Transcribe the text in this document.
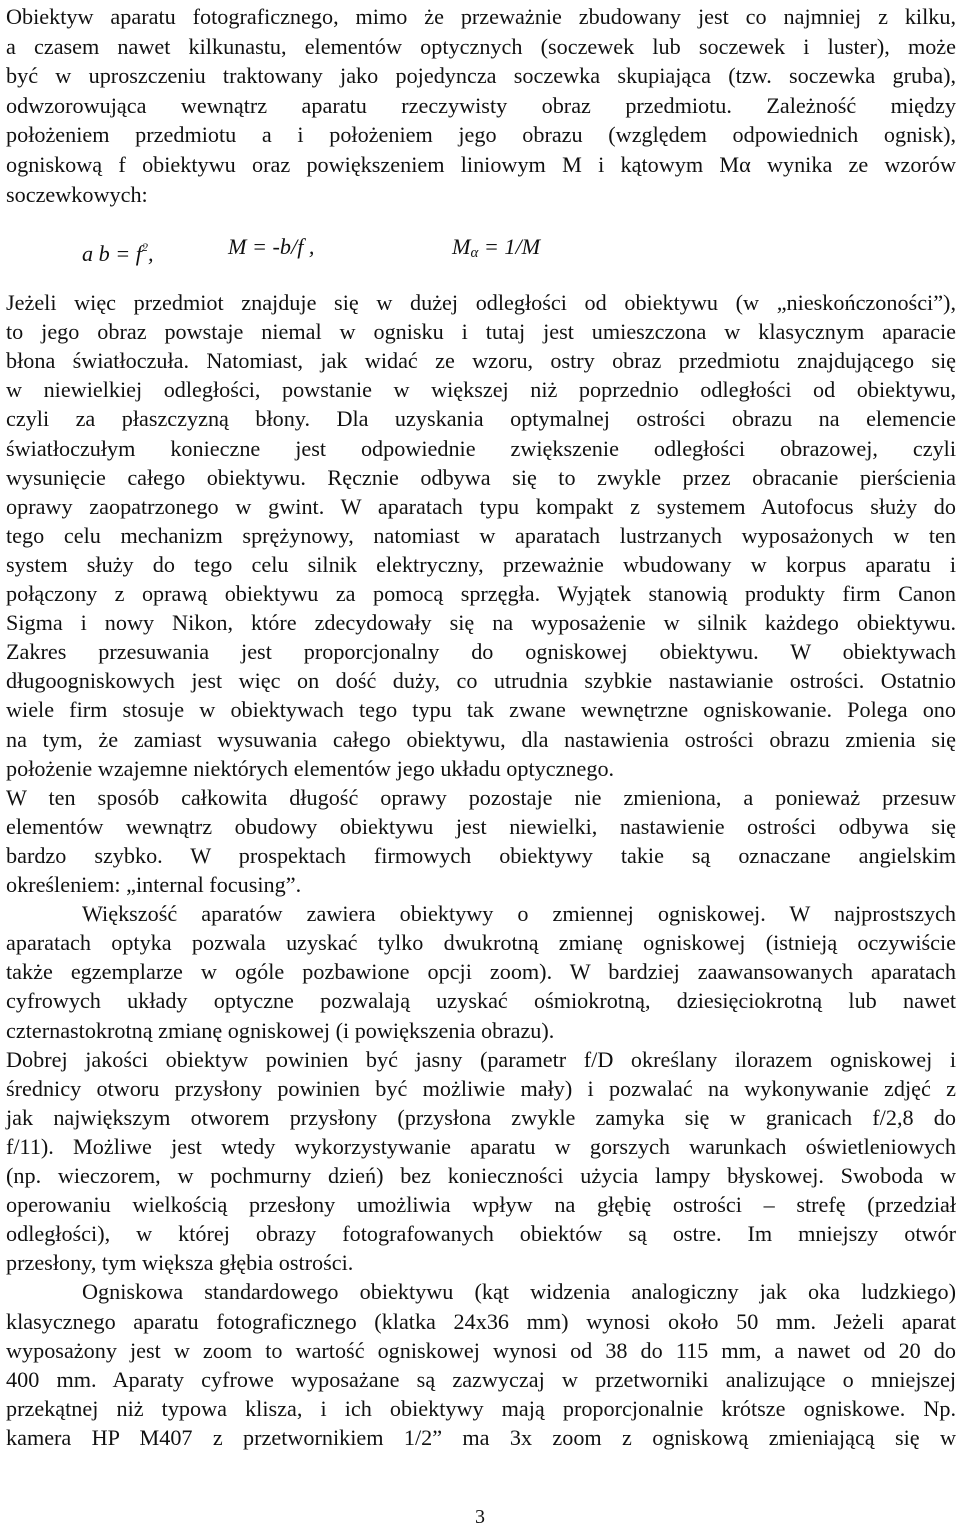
Obiektyw aparatu fotograficznego, mimo że przeważnie zbudowany jest co najmniej z kilku,
a czasem nawet kilkunastu, elementów optycznych (soczewek lub soczewek i luster), może
być w uproszczeniu traktowany jako pojedyncza soczewka skupiająca (tzw. soczewka gruba),
odwzorowująca wewnątrz aparatu rzeczywisty obraz przedmiotu. Zależność między
położeniem przedmiotu a i położeniem jego obrazu (względem odpowiednich ognisk),
ogniskową f obiektywu oraz powiększeniem liniowym M i kątowym Mα wynika ze wzorów
soczewkowych:
a $b = f^2$,	M = -b/f ,	$M_\alpha = 1/M$
Jeżeli więc przedmiot znajduje się w dużej odległości od obiektywu (w „nieskończoności”),
to jego obraz powstaje niemal w ognisku i tutaj jest umieszczona w klasycznym aparacie
błona światłoczuła. Natomiast, jak widać ze wzoru, ostry obraz przedmiotu znajdującego się
w niewielkiej odległości, powstanie w większej niż poprzednio odległości od obiektywu,
czyli za płaszczyzną błony. Dla uzyskania optymalnej ostrości obrazu na elemencie
światłoczułym konieczne jest odpowiednie zwiększenie odległości obrazowej, czyli
wysunięcie całego obiektywu. Ręcznie odbywa się to zwykle przez obracanie pierścienia
oprawy zaopatrzonego w gwint. W aparatach typu kompakt z systemem Autofocus służy do
tego celu mechanizm sprężynowy, natomiast w aparatach lustrzanych wyposażonych w ten
system służy do tego celu silnik elektryczny, przeważnie wbudowany w korpus aparatu i
połączony z oprawą obiektywu za pomocą sprzęgła. Wyjątek stanowią produkty firm Canon
Sigma i nowy Nikon, które zdecydowały się na wyposażenie w silnik każdego obiektywu.
Zakres przesuwania jest proporcjonalny do ogniskowej obiektywu. W obiektywach
długoogniskowych jest więc on dość duży, co utrudnia szybkie nastawianie ostrości. Ostatnio
wiele firm stosuje w obiektywach tego typu tak zwane wewnętrzne ogniskowanie. Polega ono
na tym, że zamiast wysuwania całego obiektywu, dla nastawienia ostrości obrazu zmienia się
położenie wzajemne niektórych elementów jego układu optycznego.
W ten sposób całkowita długość oprawy pozostaje nie zmieniona, a ponieważ przesuw
elementów wewnątrz obudowy obiektywu jest niewielki, nastawienie ostrości odbywa się
bardzo szybko. W prospektach firmowych obiektywy takie są oznaczane angielskim
określeniem: „internal focusing”.
Większość aparatów zawiera obiektywy o zmiennej ogniskowej. W najprostszych
aparatach optyka pozwala uzyskać tylko dwukrotną zmianę ogniskowej (istnieją oczywiście
także egzemplarze w ogóle pozbawione opcji zoom). W bardziej zaawansowanych aparatach
cyfrowych układy optyczne pozwalają uzyskać ośmiokrotną, dziesięciokrotną lub nawet
czternastokrotną zmianę ogniskowej (i powiększenia obrazu).
Dobrej jakości obiektyw powinien być jasny (parametr f/D określany ilorazem ogniskowej i
średnicy otworu przysłony powinien być możliwie mały) i pozwalać na wykonywanie zdjęć z
jak największym otworem przysłony (przysłona zwykle zamyka się w granicach f/2,8 do
f/11). Możliwe jest wtedy wykorzystywanie aparatu w gorszych warunkach oświetleniowych
(np. wieczorem, w pochmurny dzień) bez konieczności użycia lampy błyskowej. Swoboda w
operowaniu wielkością przesłony umożliwia wpływ na głębię ostrości – strefę (przedział
odległości), w której obrazy fotografowanych obiektów są ostre. Im mniejszy otwór
przesłony, tym większa głębia ostrości.
Ogniskowa standardowego obiektywu (kąt widzenia analogiczny jak oka ludzkiego)
klasycznego aparatu fotograficznego (klatka 24x36 mm) wynosi około 50 mm. Jeżeli aparat
wyposażony jest w zoom to wartość ogniskowej wynosi od 38 do 115 mm, a nawet od 20 do
400 mm. Aparaty cyfrowe wyposażane są zazwyczaj w przetworniki analizujące o mniejszej
przekątnej niż typowa klisza, i ich obiektywy mają proporcjonalnie krótsze ogniskowe. Np.
kamera HP M407 z przetwornikiem 1/2” ma 3x zoom z ogniskową zmieniającą się w
3
